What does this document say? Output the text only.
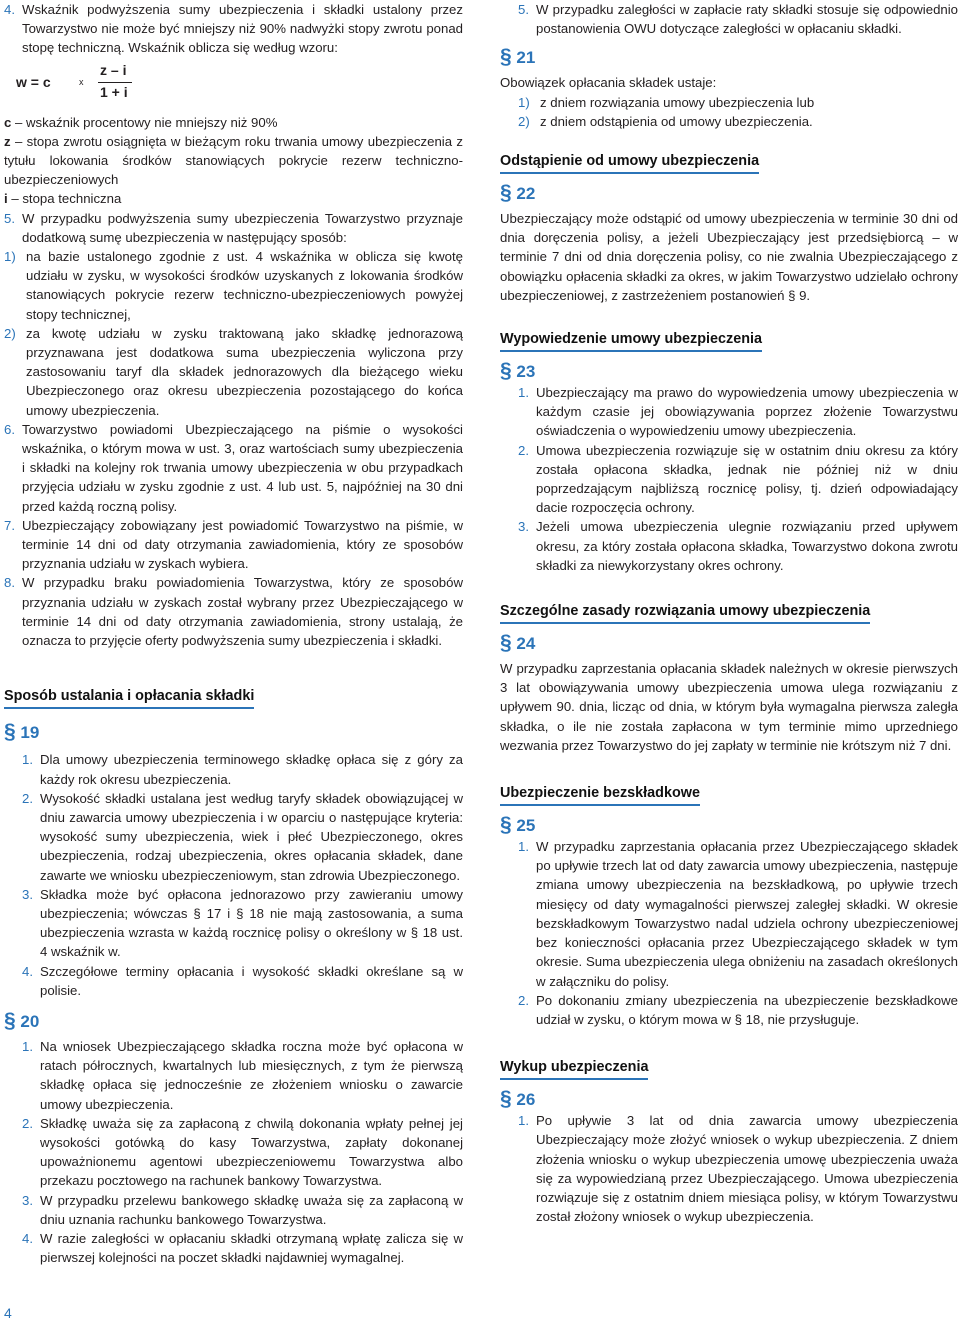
4. Wskaźnik podwyższenia sumy ubezpieczenia i składki ustalony przez Towarzystwo nie może być mniejszy niż 90% nadwyżki stopy zwrotu ponad stopę techniczną. Wskaźnik oblicza się według wzoru:
w = c	x
z – i
1 + i

c – wskaźnik procentowy nie mniejszy niż 90%

z – stopa zwrotu osiągnięta w bieżącym roku trwania umowy ubezpieczenia z tytułu lokowania środków stanowiących pokrycie rezerw techniczno-ubezpieczeniowych

i – stopa techniczna

5. W przypadku podwyższenia sumy ubezpieczenia Towarzystwo przyznaje dodatkową sumę ubezpieczenia w następujący sposób:
1) na bazie ustalonego zgodnie z ust. 4 wskaźnika w oblicza się kwotę udziału w zysku, w wysokości środków uzyskanych z lokowania środków stanowiących pokrycie rezerw techniczno-ubezpieczeniowych powyżej stopy technicznej,
2) za kwotę udziału w zysku traktowaną jako składkę jednorazową przyznawana jest dodatkowa suma ubezpieczenia wyliczona przy zastosowaniu taryf dla składek jednorazowych dla bieżącego wieku Ubezpieczonego oraz okresu ubezpieczenia pozostającego do końca umowy ubezpieczenia.
6. Towarzystwo powiadomi Ubezpieczającego na piśmie o wysokości wskaźnika, o którym mowa w ust. 3, oraz wartościach sumy ubezpieczenia i składki na kolejny rok trwania umowy ubezpieczenia w obu przypadkach przyjęcia udziału w zysku zgodnie z ust. 4 lub ust. 5, najpóźniej na 30 dni przed każdą roczną polisy.
7. Ubezpieczający zobowiązany jest powiadomić Towarzystwo na piśmie, w terminie 14 dni od daty otrzymania zawiadomienia, który ze sposobów przyznania udziału w zyskach wybiera.
8. W przypadku braku powiadomienia Towarzystwa, który ze sposobów przyznania udziału w zyskach został wybrany przez Ubezpieczającego w terminie 14 dni od daty otrzymania zawiadomienia, strony ustalają, że oznacza to przyjęcie oferty podwyższenia sumy ubezpieczenia i składki.
Sposób ustalania i opłacania składki

§ 19

1. Dla umowy ubezpieczenia terminowego składkę opłaca się z góry za każdy rok okresu ubezpieczenia.
2. Wysokość składki ustalana jest według taryfy składek obowiązującej w dniu zawarcia umowy ubezpieczenia i w oparciu o następujące kryteria: wysokość sumy ubezpieczenia, wiek i płeć Ubezpieczonego, okres ubezpieczenia, rodzaj ubezpieczenia, okres opłacania składek, dane zawarte we wniosku ubezpieczeniowym, stan zdrowia Ubezpieczonego.
3. Składka może być opłacona jednorazowo przy zawieraniu umowy ubezpieczenia; wówczas § 17 i § 18 nie mają zastosowania, a suma ubezpieczenia wzrasta w każdą rocznicę polisy o określony w § 18 ust. 4 wskaźnik w.
4. Szczegółowe terminy opłacania i wysokość składki określane są w polisie.

§ 20

1. Na wniosek Ubezpieczającego składka roczna może być opłacona w ratach półrocznych, kwartalnych lub miesięcznych, z tym że pierwszą składkę opłaca się jednocześnie ze złożeniem wniosku o zawarcie umowy ubezpieczenia.
2. Składkę uważa się za zapłaconą z chwilą dokonania wpłaty pełnej jej wysokości gotówką do kasy Towarzystwa, zapłaty dokonanej upoważnionemu agentowi ubezpieczeniowemu Towarzystwa albo przekazu pocztowego na rachunek bankowy Towarzystwa.
3. W przypadku przelewu bankowego składkę uważa się za zapłaconą w dniu uznania rachunku bankowego Towarzystwa.
4. W razie zaległości w opłacaniu składki otrzymaną wpłatę zalicza się w pierwszej kolejności na poczet składki najdawniej wymagalnej.
5. W przypadku zaległości w zapłacie raty składki stosuje się odpowiednio postanowienia OWU dotyczące zaległości w opłacaniu składki.

§ 21

Obowiązek opłacania składek ustaje:

1) z dniem rozwiązania umowy ubezpieczenia lub
2) z dniem odstąpienia od umowy ubezpieczenia.
Odstąpienie od umowy ubezpieczenia

§ 22

Ubezpieczający może odstąpić od umowy ubezpieczenia w terminie 30 dni od dnia doręczenia polisy, a jeżeli Ubezpieczający jest przedsiębiorcą – w terminie 7 dni od dnia doręczenia polisy, co nie zwalnia Ubezpieczającego z obowiązku opłacenia składki za okres, w jakim Towarzystwo udzielało ochrony ubezpieczeniowej, z zastrzeżeniem postanowień § 9.

Wypowiedzenie umowy ubezpieczenia

§ 23

1. Ubezpieczający ma prawo do wypowiedzenia umowy ubezpieczenia w każdym czasie jej obowiązywania poprzez złożenie Towarzystwu oświadczenia o wypowiedzeniu umowy ubezpieczenia.
2. Umowa ubezpieczenia rozwiązuje się w ostatnim dniu okresu za który została opłacona składka, jednak nie później niż w dniu poprzedzającym najbliższą rocznicę polisy, tj. dzień odpowiadający dacie rozpoczęcia ochrony.
3. Jeżeli umowa ubezpieczenia ulegnie rozwiązaniu przed upływem okresu, za który została opłacona składka, Towarzystwo dokona zwrotu składki za niewykorzystany okres ochrony.
Szczególne zasady rozwiązania umowy ubezpieczenia

§ 24

W przypadku zaprzestania opłacania składek należnych w okresie pierwszych 3 lat obowiązywania umowy ubezpieczenia umowa ulega rozwiązaniu z upływem 90. dnia, licząc od dnia, w którym była wymagalna pierwsza zaległa składka, o ile nie została zapłacona w tym terminie mimo uprzedniego wezwania przez Towarzystwo do jej zapłaty w terminie nie krótszym niż 7 dni.

Ubezpieczenie bezskładkowe

§ 25

1. W przypadku zaprzestania opłacania przez Ubezpieczającego składek po upływie trzech lat od daty zawarcia umowy ubezpieczenia, następuje zmiana umowy ubezpieczenia na bezskładkową, po upływie trzech miesięcy od daty wymagalności pierwszej zaległej składki. W okresie bezskładkowym Towarzystwo nadal udziela ochrony ubezpieczeniowej bez konieczności opłacania przez Ubezpieczającego składek w tym okresie. Suma ubezpieczenia ulega obniżeniu na zasadach określonych w załączniku do polisy.
2. Po dokonaniu zmiany ubezpieczenia na ubezpieczenie bezskładkowe udział w zysku, o którym mowa w § 18, nie przysługuje.
Wykup ubezpieczenia

§ 26

1. Po upływie 3 lat od dnia zawarcia umowy ubezpieczenia Ubezpieczający może złożyć wniosek o wykup ubezpieczenia. Z dniem złożenia wniosku o wykup ubezpieczenia umowę ubezpieczenia uważa się za wypowiedzianą przez Ubezpieczającego. Umowa ubezpieczenia rozwiązuje się z ostatnim dniem miesiąca polisy, w którym Towarzystwu został złożony wniosek o wykup ubezpieczenia.
4
